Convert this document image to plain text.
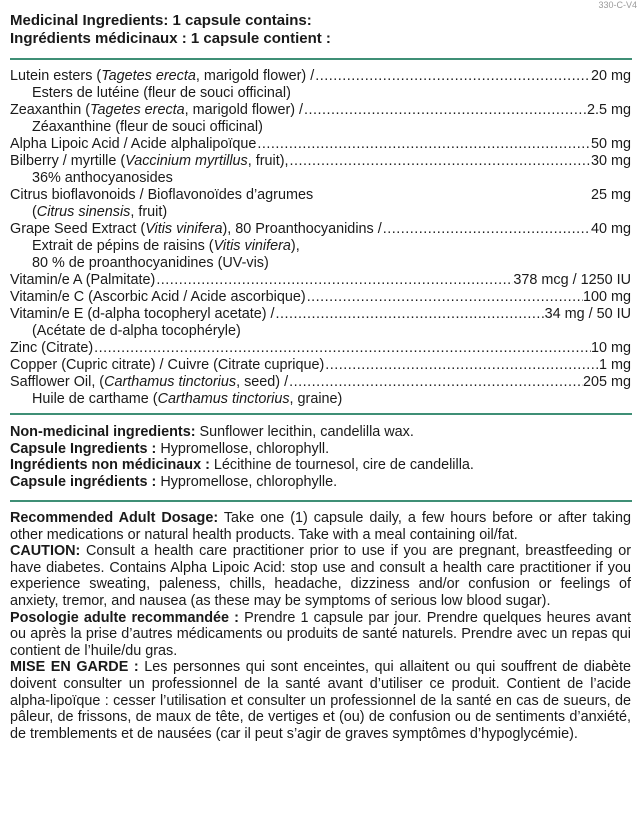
330-C-V4
Medicinal Ingredients: 1 capsule contains:
Ingrédients médicinaux : 1 capsule contient :
Lutein esters (Tagetes erecta, marigold flower) / .....	20 mg
Esters de lutéine (fleur de souci officinal)
Zeaxanthin (Tagetes erecta, marigold flower) / .....	2.5 mg
Zéaxanthine (fleur de souci officinal)
Alpha Lipoic Acid / Acide alphalipoïque .....	50 mg
Bilberry / myrtille (Vaccinium myrtillus, fruit), .....	30 mg
36% anthocyanosides
Citrus bioflavonoids / Bioflavonoïdes d’agrumes	25 mg
(Citrus sinensis, fruit)
Grape Seed Extract (Vitis vinifera), 80 Proanthocyanidins / .....	40 mg
Extrait de pépins de raisins (Vitis vinifera),
80 % de proanthocyanidines (UV-vis)
Vitamin/e A (Palmitate) .....	378 mcg / 1250 IU
Vitamin/e C (Ascorbic Acid / Acide ascorbique) .....	100 mg
Vitamin/e E (d-alpha tocopheryl acetate) / .....	34 mg / 50 IU
(Acétate de d-alpha tocophéryle)
Zinc (Citrate) .....	10 mg
Copper (Cupric citrate) / Cuivre (Citrate cuprique) .....	1 mg
Safflower Oil, (Carthamus tinctorius, seed) / .....	205 mg
Huile de carthame (Carthamus tinctorius, graine)
Non-medicinal ingredients: Sunflower lecithin, candelilla wax.
Capsule Ingredients : Hypromellose, chlorophyll.
Ingrédients non médicinaux : Lécithine de tournesol, cire de candelilla.
Capsule ingrédients : Hypromellose, chlorophylle.
Recommended Adult Dosage: Take one (1) capsule daily, a few hours before or after taking other medications or natural health products. Take with a meal containing oil/fat.
CAUTION: Consult a health care practitioner prior to use if you are pregnant, breastfeeding or have diabetes. Contains Alpha Lipoic Acid: stop use and consult a health care practitioner if you experience sweating, paleness, chills, headache, dizziness and/or confusion or feelings of anxiety, tremor, and nausea (as these may be symptoms of serious low blood sugar).
Posologie adulte recommandée : Prendre 1 capsule par jour. Prendre quelques heures avant ou après la prise d’autres médicaments ou produits de santé naturels. Prendre avec un repas qui contient de l’huile/du gras.
MISE EN GARDE : Les personnes qui sont enceintes, qui allaitent ou qui souffrent de diabète doivent consulter un professionnel de la santé avant d’utiliser ce produit. Contient de l’acide alpha-lipoïque : cesser l’utilisation et consulter un professionnel de la santé en cas de sueurs, de pâleur, de frissons, de maux de tête, de vertiges et (ou) de confusion ou de sentiments d’anxiété, de tremblements et de nausées (car il peut s’agir de graves symptômes d’hypoglycémie).
